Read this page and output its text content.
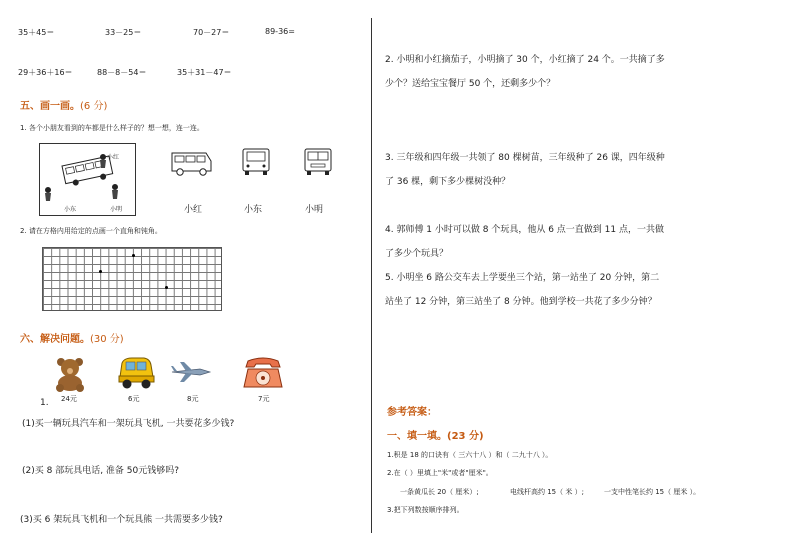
35＋45＝	33－25＝	70－27＝	89-36=
29＋36＋16＝	88－8－54＝	35＋31－47＝
五、画一画。(6 分)
1. 各个小朋友看到的车都是什么样子的？想一想，连一连。
小红
小东	小明	小红	小东	小明
2. 请在方格内用给定的点画一个直角和钝角。
六、解决问题。(30 分)
24元	6元	8元	7元
1.
(1)买一辆玩具汽车和一架玩具飞机, 一共要花多少钱?
(2)买 8 部玩具电话, 准备 50元钱够吗?
(3)买 6 架玩具飞机和一个玩具熊 一共需要多少钱?
2. 小明和小红摘茄子，小明摘了 30 个，小红摘了 24 个。一共摘了多
少个？送给宝宝餐厅 50 个，还剩多少个？
3. 三年级和四年级一共领了 80 棵树苗，三年级种了 26 课，四年级种
了 36 棵，剩下多少棵树没种？
4. 郭师傅 1 小时可以做 8 个玩具，他从 6 点一直做到 11 点，一共做
了多少个玩具？
5. 小明坐 6 路公交车去上学要坐三个站，第一站坐了 20 分钟，第二
站坐了 12 分钟，第三站坐了 8 分钟。他到学校一共花了多少分钟？
参考答案：
一、填一填。(23 分)
1.积是 18 的口诀有（ 三六十八 ）和（ 二九十八 ）。
2.在（ ）里填上"米"或者"厘米"。
一条黄瓜长 20（ 厘米）;	电线杆高约 15（ 米 ）;	一支中性笔长约 15（ 厘米 ）。
3.把下列数按顺序排列。
